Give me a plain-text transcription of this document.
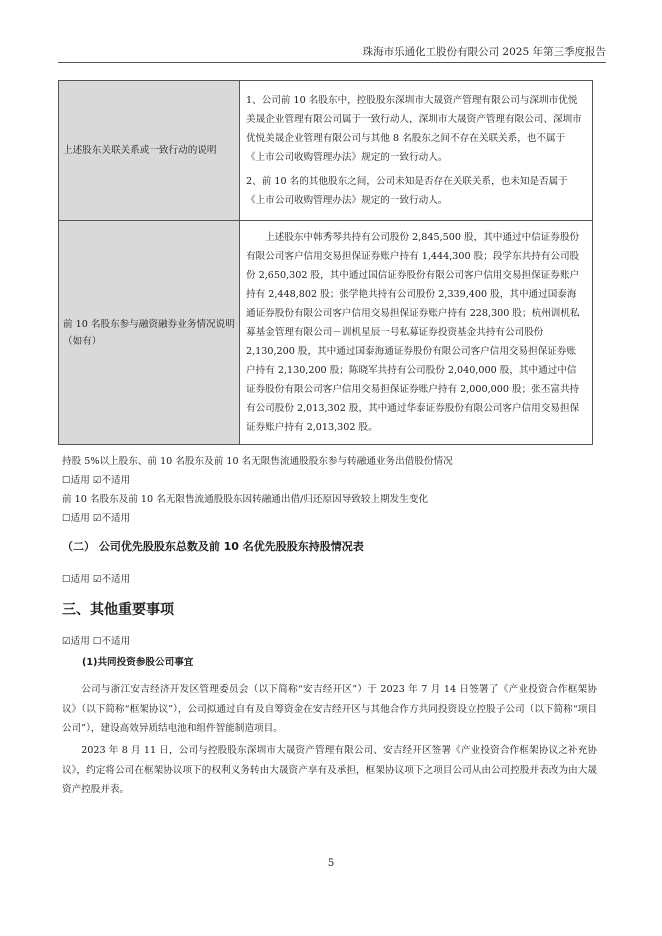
珠海市乐通化工股份有限公司 2025 年第三季度报告
上述股东关联关系或一致行动的说明	1、公司前 10 名股东中，控股股东深圳市大晟资产管理有限公司与深圳市优悦美晟企业管理有限公司属于一致行动人，深圳市大晟资产管理有限公司、深圳市优悦美晟企业管理有限公司与其他 8 名股东之间不存在关联关系，也不属于《上市公司收购管理办法》规定的一致行动人。

2、前 10 名的其他股东之间，公司未知是否存在关联关系，也未知是否属于《上市公司收购管理办法》规定的一致行动人。

前 10 名股东参与融资融券业务情况说明（如有）	上述股东中韩秀琴共持有公司股份 2,845,500 股，其中通过中信证券股份有限公司客户信用交易担保证券账户持有 1,444,300 股；段学东共持有公司股份 2,650,302 股，其中通过国信证券股份有限公司客户信用交易担保证券账户持有 2,448,802 股；张学艳共持有公司股份 2,339,400 股，其中通过国泰海通证券股份有限公司客户信用交易担保证券账户持有 228,300 股；杭州训机私募基金管理有限公司－训机星辰一号私募证券投资基金共持有公司股份 2,130,200 股，其中通过国泰海通证券股份有限公司客户信用交易担保证券账户持有 2,130,200 股；陈晓军共持有公司股份 2,040,000 股，其中通过中信证券股份有限公司客户信用交易担保证券账户持有 2,000,000 股；张丕富共持有公司股份 2,013,302 股，其中通过华泰证券股份有限公司客户信用交易担保证券账户持有 2,013,302 股。

持股 5%以上股东、前 10 名股东及前 10 名无限售流通股股东参与转融通业务出借股份情况
☐适用 ☑不适用
前 10 名股东及前 10 名无限售流通股股东因转融通出借/归还原因导致较上期发生变化
☐适用 ☑不适用
（二） 公司优先股股东总数及前 10 名优先股股东持股情况表
☐适用 ☑不适用
三、其他重要事项
☑适用 ☐不适用
(1)共同投资参股公司事宜

公司与浙江安吉经济开发区管理委员会（以下简称“安吉经开区”）于 2023 年 7 月 14 日签署了《产业投资合作框架协议》（以下简称“框架协议”），公司拟通过自有及自筹资金在安吉经开区与其他合作方共同投资设立控股子公司（以下简称“项目公司”），建设高效异质结电池和组件智能制造项目。

2023 年 8 月 11 日，公司与控股股东深圳市大晟资产管理有限公司、安吉经开区签署《产业投资合作框架协议之补充协议》，约定将公司在框架协议项下的权利义务转由大晟资产享有及承担，框架协议项下之项目公司从由公司控股并表改为由大晟资产控股并表。

5
